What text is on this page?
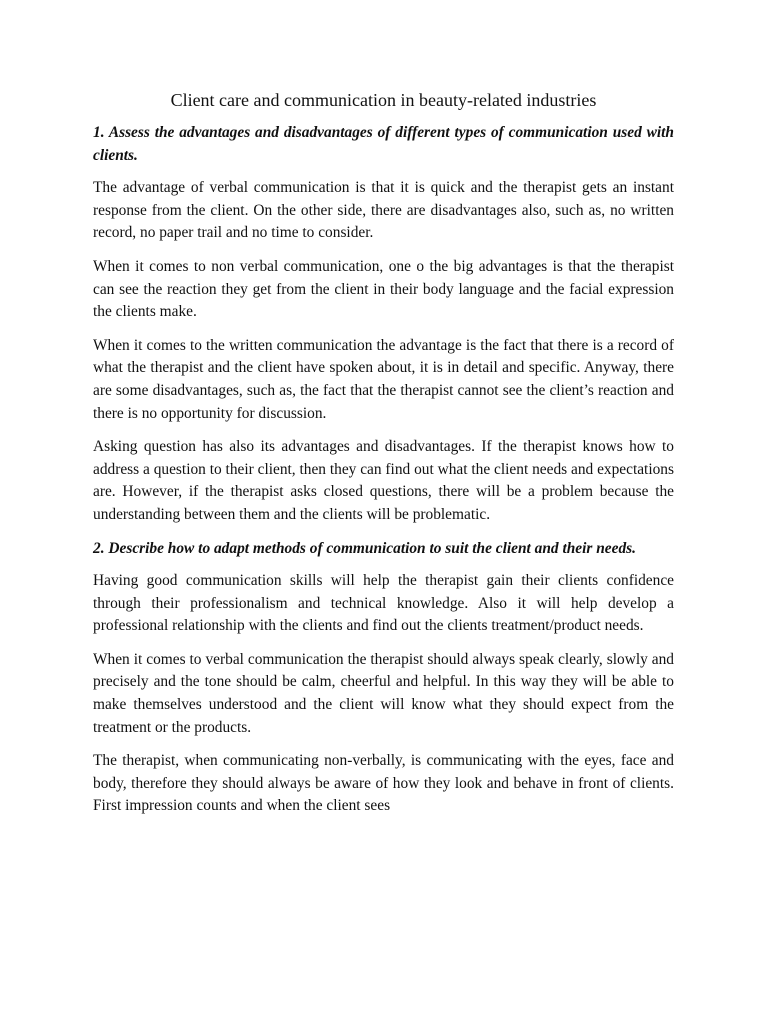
Client care and communication in beauty-related industries

1. Assess the advantages and disadvantages of different types of communication used with clients.

The advantage of verbal communication is that it is quick and the therapist gets an instant response from the client. On the other side, there are disadvantages also, such as, no written record, no paper trail and no time to consider.

When it comes to non verbal communication, one o the big advantages is that the therapist can see the reaction they get from the client in their body language and the facial expression the clients make.

When it comes to the written communication the advantage is the fact that there is a record of what the therapist and the client have spoken about, it is in detail and specific. Anyway, there are some disadvantages, such as, the fact that the therapist cannot see the client’s reaction and there is no opportunity for discussion.

Asking question has also its advantages and disadvantages. If the therapist knows how to address a question to their client, then they can find out what the client needs and expectations are. However, if the therapist asks closed questions, there will be a problem because the understanding between them and the clients will be problematic.

2. Describe how to adapt methods of communication to suit the client and their needs.

Having good communication skills will help the therapist gain their clients confidence through their professionalism and technical knowledge. Also it will help develop a professional relationship with the clients and find out the clients treatment/product needs.

When it comes to verbal communication the therapist should always speak clearly, slowly and precisely and the tone should be calm, cheerful and helpful. In this way they will be able to make themselves understood and the client will know what they should expect from the treatment or the products.

The therapist, when communicating non-verbally, is communicating with the eyes, face and body, therefore they should always be aware of how they look and behave in front of clients. First impression counts and when the client sees
